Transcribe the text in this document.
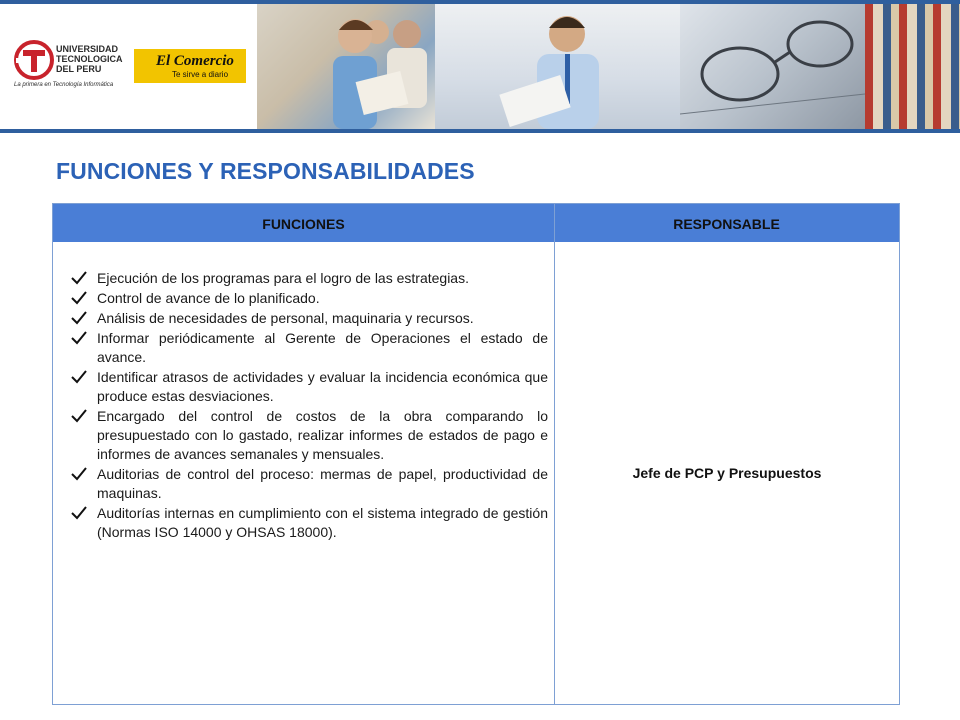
UNIVERSIDAD
TECNOLOGICA
DEL PERU
La primera en Tecnología Informática
El Comercio
Te sirve a diario
FUNCIONES Y RESPONSABILIDADES
FUNCIONES	RESPONSABLE
Ejecución de los programas para el logro de las estrategias.
Control de avance de lo planificado.
Análisis de necesidades de personal, maquinaria y recursos.
Informar periódicamente al Gerente de Operaciones el estado de avance.
Identificar atrasos de actividades y evaluar la incidencia económica que produce estas desviaciones.
Encargado del control de costos de la obra comparando lo presupuestado con lo gastado, realizar informes de estados de pago e informes de avances semanales y mensuales.
Auditorias de control del proceso: mermas de papel, productividad de maquinas.
Auditorías internas en cumplimiento con el sistema integrado de gestión (Normas ISO 14000 y OHSAS 18000).
Jefe de PCP y Presupuestos
